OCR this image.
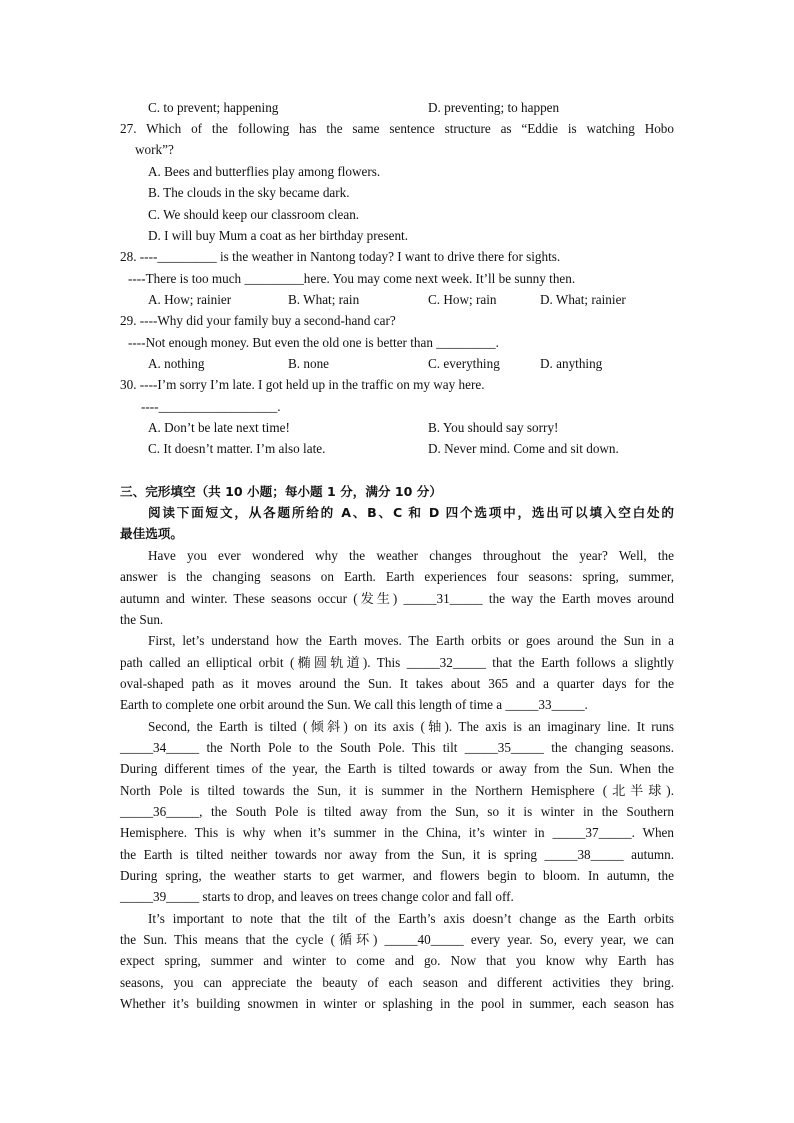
C. to prevent; happening	D. preventing; to happen
27. Which of the following has the same sentence structure as “Eddie is watching Hobo
work”?
A. Bees and butterflies play among flowers.
B. The clouds in the sky became dark.
C. We should keep our classroom clean.
D. I will buy Mum a coat as her birthday present.
28. ----_________ is the weather in Nantong today? I want to drive there for sights.
----There is too much _________here. You may come next week. It’ll be sunny then.
A. How; rainier	B. What; rain	C. How; rain	D. What; rainier
29. ----Why did your family buy a second-hand car?
----Not enough money. But even the old one is better than _________.
A. nothing	B. none	C. everything	D. anything
30. ----I’m sorry I’m late. I got held up in the traffic on my way here.
----__________________.
A. Don’t be late next time!	B. You should say sorry!
C. It doesn’t matter. I’m also late.	D. Never mind. Come and sit down.
三、完形填空（共 10 小题；每小题 1 分，满分 10 分）
阅读下面短文，从各题所给的 A、B、C 和 D 四个选项中，选出可以填入空白处的
最佳选项。
Have you ever wondered why the weather changes throughout the year? Well, the
answer is the changing seasons on Earth. Earth experiences four seasons: spring, summer,
autumn and winter. These seasons occur (发生) _____31_____ the way the Earth moves around
the Sun.
First, let’s understand how the Earth moves. The Earth orbits or goes around the Sun in a
path called an elliptical orbit (椭圆轨道). This _____32_____ that the Earth follows a slightly
oval-shaped path as it moves around the Sun. It takes about 365 and a quarter days for the
Earth to complete one orbit around the Sun. We call this length of time a _____33_____.
Second, the Earth is tilted (倾斜) on its axis (轴). The axis is an imaginary line. It runs
_____34_____ the North Pole to the South Pole. This tilt _____35_____ the changing seasons.
During different times of the year, the Earth is tilted towards or away from the Sun. When the
North Pole is tilted towards the Sun, it is summer in the Northern Hemisphere (北半球).
_____36_____, the South Pole is tilted away from the Sun, so it is winter in the Southern
Hemisphere. This is why when it’s summer in the China, it’s winter in _____37_____. When
the Earth is tilted neither towards nor away from the Sun, it is spring _____38_____ autumn.
During spring, the weather starts to get warmer, and flowers begin to bloom. In autumn, the
_____39_____ starts to drop, and leaves on trees change color and fall off.
It’s important to note that the tilt of the Earth’s axis doesn’t change as the Earth orbits
the Sun. This means that the cycle (循环) _____40_____ every year. So, every year, we can
expect spring, summer and winter to come and go. Now that you know why Earth has
seasons, you can appreciate the beauty of each season and different activities they bring.
Whether it’s building snowmen in winter or splashing in the pool in summer, each season has
